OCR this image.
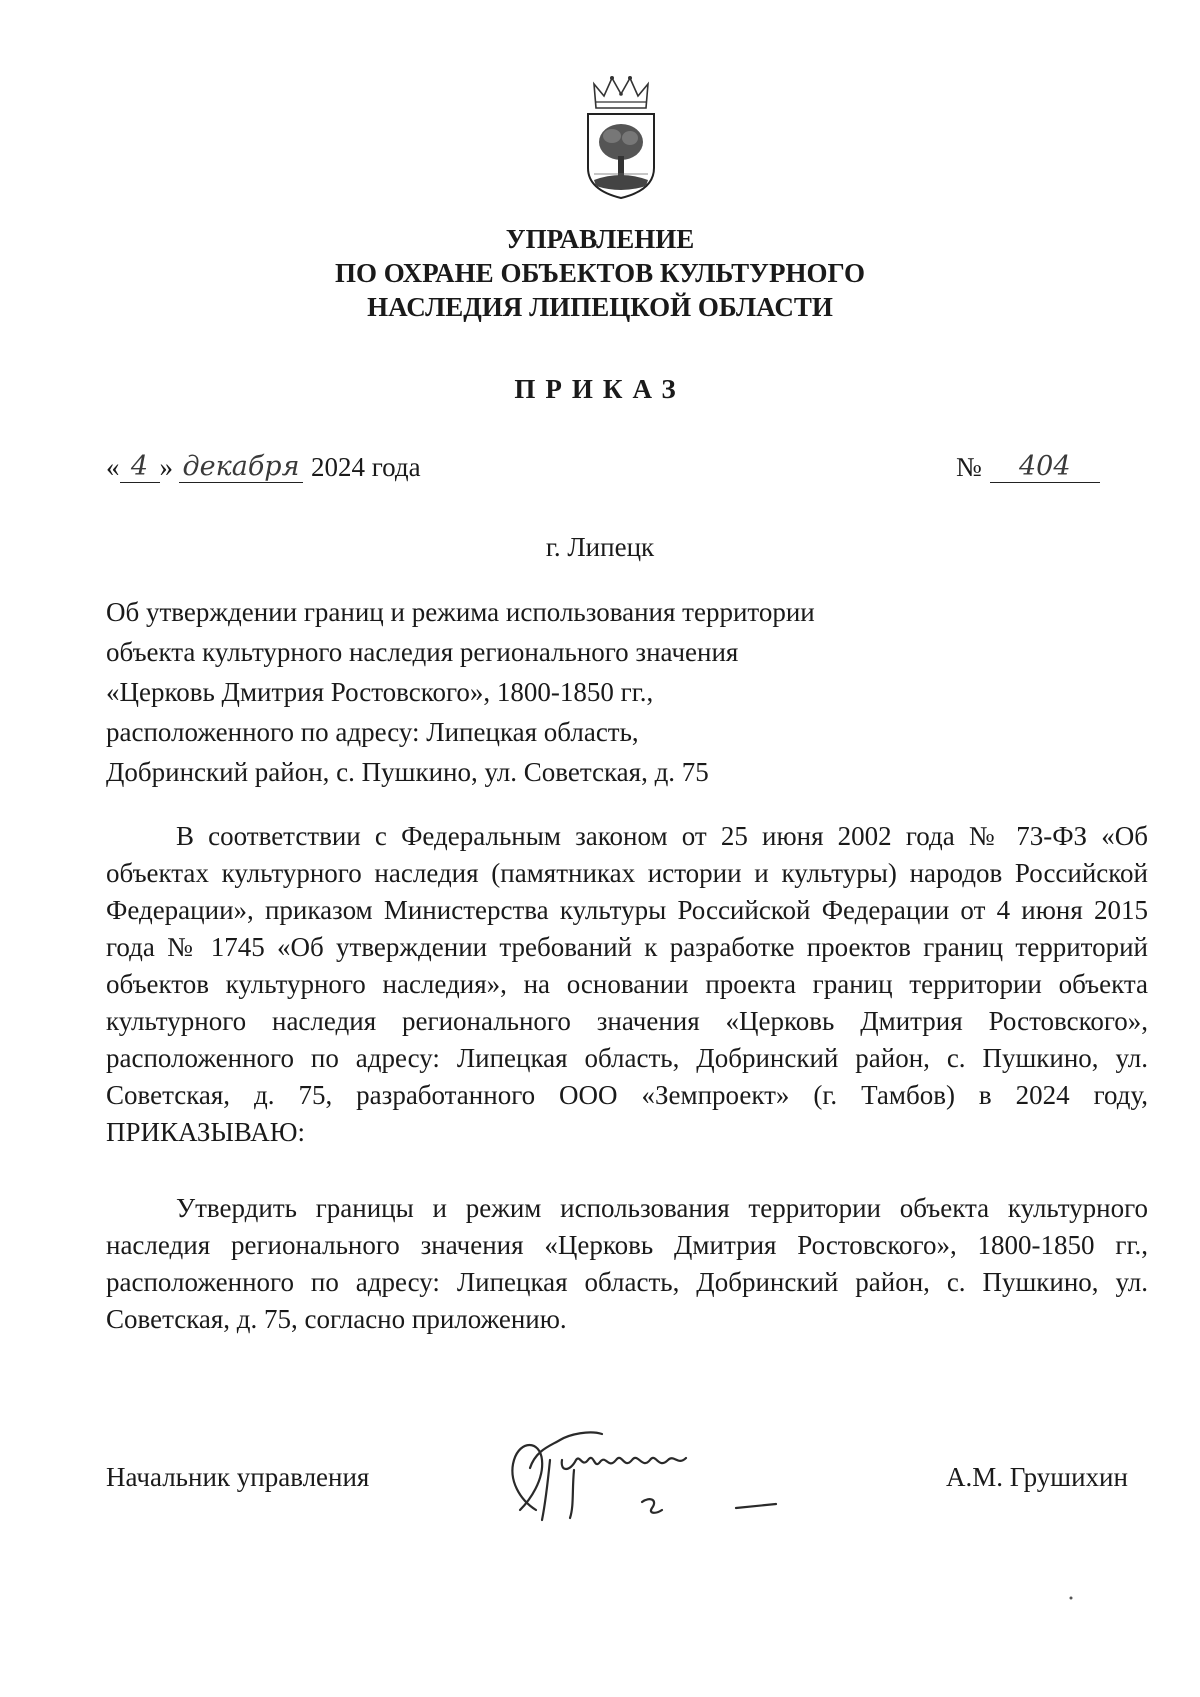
УПРАВЛЕНИЕ
ПО ОХРАНЕ ОБЪЕКТОВ КУЛЬТУРНОГО
НАСЛЕДИЯ ЛИПЕЦКОЙ ОБЛАСТИ
ПРИКАЗ
« 4 » декабря 2024 года	№	404
г. Липецк
Об утверждении границ и режима использования территории
объекта культурного наследия регионального значения
«Церковь Дмитрия Ростовского», 1800-1850 гг.,
расположенного по адресу: Липецкая область,
Добринский район, с. Пушкино, ул. Советская, д. 75

В соответствии с Федеральным законом от 25 июня 2002 года № 73-ФЗ «Об объектах культурного наследия (памятниках истории и культуры) народов Российской Федерации», приказом Министерства культуры Российской Федерации от 4 июня 2015 года № 1745 «Об утверждении требований к разработке проектов границ территорий объектов культурного наследия», на основании проекта границ территории объекта культурного наследия регионального значения «Церковь Дмитрия Ростовского», расположенного по адресу: Липецкая область, Добринский район, с. Пушкино, ул. Советская, д. 75, разработанного ООО «Земпроект» (г. Тамбов) в 2024 году, ПРИКАЗЫВАЮ:

Утвердить границы и режим использования территории объекта культурного наследия регионального значения «Церковь Дмитрия Ростовского», 1800-1850 гг., расположенного по адресу: Липецкая область, Добринский район, с. Пушкино, ул. Советская, д. 75, согласно приложению.

Начальник управления	А.М. Грушихин
